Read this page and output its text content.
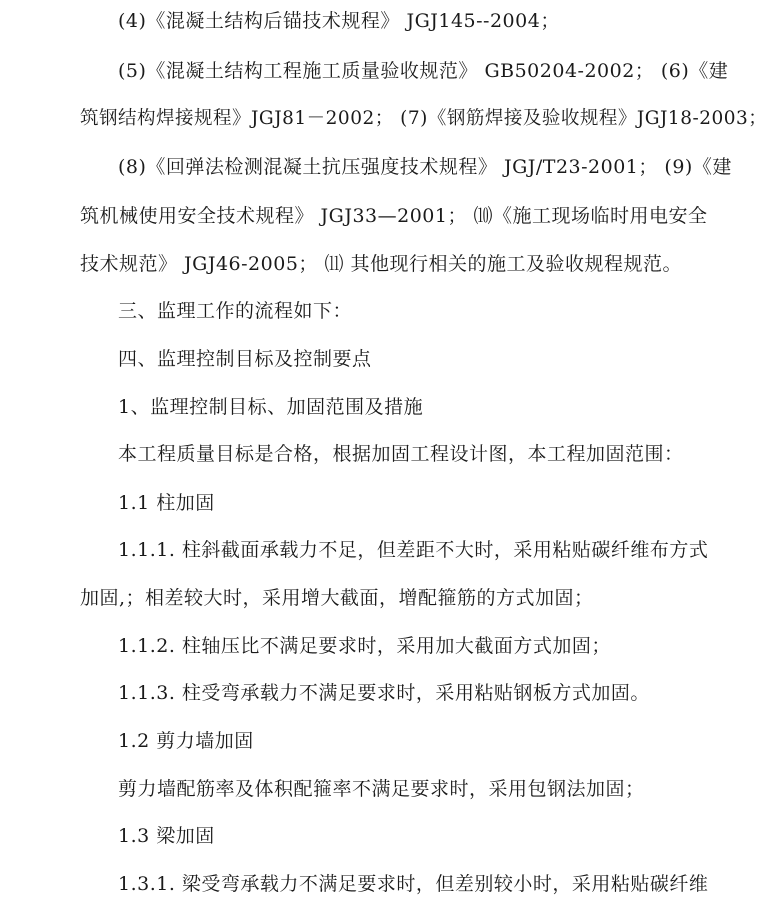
(4)《混凝土结构后锚技术规程》 JGJ145--2004；
(5)《混凝土结构工程施工质量验收规范》 GB50204-2002； (6)《建
筑钢结构焊接规程》JGJ81－2002； (7)《钢筋焊接及验收规程》JGJ18-2003；
(8)《回弹法检测混凝土抗压强度技术规程》 JGJ/T23-2001； (9)《建
筑机械使用安全技术规程》 JGJ33—2001； ⑽《施工现场临时用电安全
技术规范》 JGJ46-2005； ⑾ 其他现行相关的施工及验收规程规范。
三、监理工作的流程如下：
四、监理控制目标及控制要点
1、监理控制目标、加固范围及措施
本工程质量目标是合格，根据加固工程设计图，本工程加固范围：
1.1 柱加固
1.1.1. 柱斜截面承载力不足，但差距不大时，采用粘贴碳纤维布方式
加固,；相差较大时，采用增大截面，增配箍筋的方式加固；
1.1.2. 柱轴压比不满足要求时，采用加大截面方式加固；
1.1.3. 柱受弯承载力不满足要求时，采用粘贴钢板方式加固。
1.2 剪力墙加固
剪力墙配筋率及体积配箍率不满足要求时，采用包钢法加固；
1.3 梁加固
1.3.1. 梁受弯承载力不满足要求时，但差别较小时，采用粘贴碳纤维
